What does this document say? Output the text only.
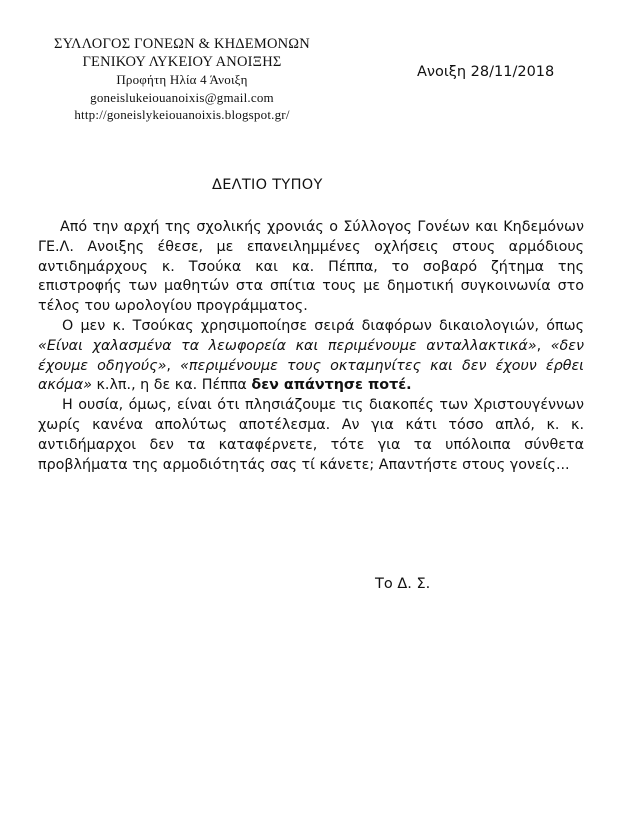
ΣΥΛΛΟΓΟΣ ΓΟΝΕΩΝ & ΚΗΔΕΜΟΝΩΝ
ΓΕΝΙΚΟΥ ΛΥΚΕΙΟΥ ΑΝΟΙΞΗΣ
Προφήτη Ηλία 4 Άνοιξη
goneislukeiouanoixis@gmail.com
http://goneislykeiouanoixis.blogspot.gr/
Ανοιξη 28/11/2018
ΔΕΛΤΙΟ ΤΥΠΟΥ

Από την αρχή της σχολικής χρονιάς ο Σύλλογος Γονέων και Κηδεμόνων ΓΕ.Λ. Ανοιξης έθεσε, με επανειλημμένες οχλήσεις στους αρμόδιους αντιδημάρχους κ. Τσούκα και κα. Πέππα, το σοβαρό ζήτημα της επιστροφής των μαθητών στα σπίτια τους με δημοτική συγκοινωνία στο τέλος του ωρολογίου προγράμματος.

Ο μεν κ. Τσούκας χρησιμοποίησε σειρά διαφόρων δικαιολογιών, όπως «Είναι χαλασμένα τα λεωφορεία και περιμένουμε ανταλλακτικά», «δεν έχουμε οδηγούς», «περιμένουμε τους οκταμηνίτες και δεν έχουν έρθει ακόμα» κ.λπ., η δε κα. Πέππα δεν απάντησε ποτέ.

Η ουσία, όμως, είναι ότι πλησιάζουμε τις διακοπές των Χριστουγέννων χωρίς κανένα απολύτως αποτέλεσμα. Αν για κάτι τόσο απλό, κ. κ. αντιδήμαρχοι δεν τα καταφέρνετε, τότε για τα υπόλοιπα σύνθετα προβλήματα της αρμοδιότητάς σας τί κάνετε; Απαντήστε στους γονείς...

Το Δ. Σ.
